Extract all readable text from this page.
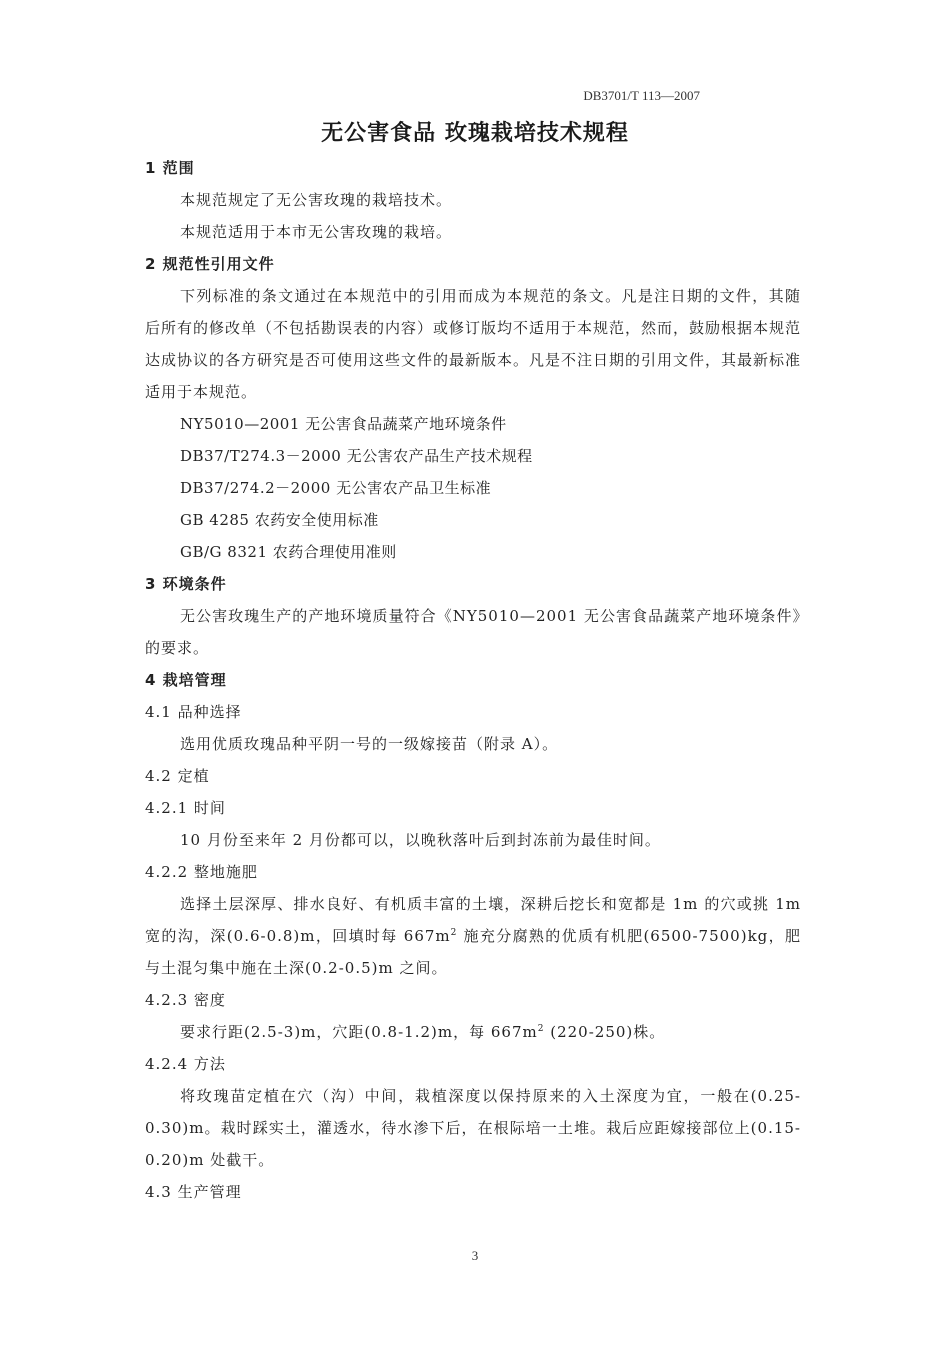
DB3701/T 113—2007
无公害食品 玫瑰栽培技术规程
1 范围
本规范规定了无公害玫瑰的栽培技术。
本规范适用于本市无公害玫瑰的栽培。
2 规范性引用文件
下列标准的条文通过在本规范中的引用而成为本规范的条文。凡是注日期的文件，其随后所有的修改单（不包括勘误表的内容）或修订版均不适用于本规范，然而，鼓励根据本规范达成协议的各方研究是否可使用这些文件的最新版本。凡是不注日期的引用文件，其最新标准适用于本规范。
NY5010—2001 无公害食品蔬菜产地环境条件
DB37/T274.3－2000 无公害农产品生产技术规程
DB37/274.2－2000 无公害农产品卫生标准
GB 4285 农药安全使用标准
GB/G 8321 农药合理使用准则
3 环境条件
无公害玫瑰生产的产地环境质量符合《NY5010—2001 无公害食品蔬菜产地环境条件》的要求。
4 栽培管理
4.1 品种选择
选用优质玫瑰品种平阴一号的一级嫁接苗（附录 A）。
4.2 定植
4.2.1 时间
10 月份至来年 2 月份都可以，以晚秋落叶后到封冻前为最佳时间。
4.2.2 整地施肥
选择土层深厚、排水良好、有机质丰富的土壤，深耕后挖长和宽都是 1m 的穴或挑 1m 宽的沟，深(0.6-0.8)m，回填时每 $667m^2$ 施充分腐熟的优质有机肥(6500-7500)kg，肥与土混匀集中施在土深(0.2-0.5)m 之间。
4.2.3 密度
要求行距(2.5-3)m，穴距(0.8-1.2)m，每 $667m^2$ (220-250)株。
4.2.4 方法
将玫瑰苗定植在穴（沟）中间，栽植深度以保持原来的入土深度为宜，一般在(0.25-0.30)m。栽时踩实土，灌透水，待水渗下后，在根际培一土堆。栽后应距嫁接部位上(0.15-0.20)m 处截干。
4.3 生产管理
3
